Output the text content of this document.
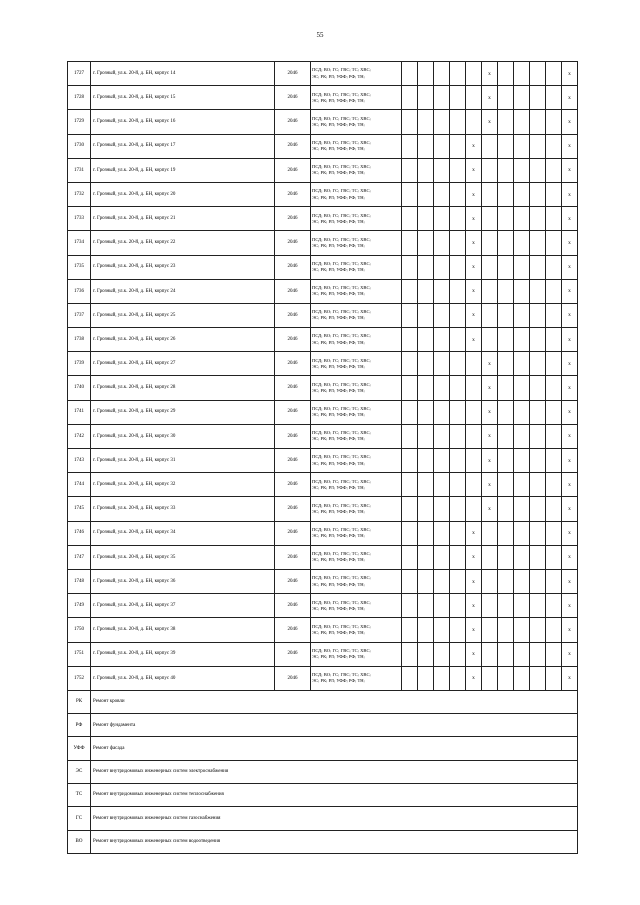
55
1727	г. Грозный, ул.к. 20-й, д. БН, корпус 14	2046	ПСД; ВО; ГС; ГВС; ТС; ХВС;
ЭС; РК; РЛ; УФФ; РФ; ТН;						x					x
1728	г. Грозный, ул.к. 20-й, д. БН, корпус 15	2046	ПСД; ВО; ГС; ГВС; ТС; ХВС;
ЭС; РК; РЛ; УФФ; РФ; ТН;						x					x
1729	г. Грозный, ул.к. 20-й, д. БН, корпус 16	2046	ПСД; ВО; ГС; ГВС; ТС; ХВС;
ЭС; РК; РЛ; УФФ; РФ; ТН;						x					x
1730	г. Грозный, ул.к. 20-й, д. БН, корпус 17	2046	ПСД; ВО; ГС; ГВС; ТС; ХВС;
ЭС; РК; РЛ; УФФ; РФ; ТН;					x						x
1731	г. Грозный, ул.к. 20-й, д. БН, корпус 19	2046	ПСД; ВО; ГС; ГВС; ТС; ХВС;
ЭС; РК; РЛ; УФФ; РФ; ТН;					x						x
1732	г. Грозный, ул.к. 20-й, д. БН, корпус 20	2046	ПСД; ВО; ГС; ГВС; ТС; ХВС;
ЭС; РК; РЛ; УФФ; РФ; ТН;					x						x
1733	г. Грозный, ул.к. 20-й, д. БН, корпус 21	2046	ПСД; ВО; ГС; ГВС; ТС; ХВС;
ЭС; РК; РЛ; УФФ; РФ; ТН;					x						x
1734	г. Грозный, ул.к. 20-й, д. БН, корпус 22	2046	ПСД; ВО; ГС; ГВС; ТС; ХВС;
ЭС; РК; РЛ; УФФ; РФ; ТН;					x						x
1735	г. Грозный, ул.к. 20-й, д. БН, корпус 23	2046	ПСД; ВО; ГС; ГВС; ТС; ХВС;
ЭС; РК; РЛ; УФФ; РФ; ТН;					x						x
1736	г. Грозный, ул.к. 20-й, д. БН, корпус 24	2046	ПСД; ВО; ГС; ГВС; ТС; ХВС;
ЭС; РК; РЛ; УФФ; РФ; ТН;					x						x
1737	г. Грозный, ул.к. 20-й, д. БН, корпус 25	2046	ПСД; ВО; ГС; ГВС; ТС; ХВС;
ЭС; РК; РЛ; УФФ; РФ; ТН;					x						x
1738	г. Грозный, ул.к. 20-й, д. БН, корпус 26	2046	ПСД; ВО; ГС; ГВС; ТС; ХВС;
ЭС; РК; РЛ; УФФ; РФ; ТН;					x						x
1739	г. Грозный, ул.к. 20-й, д. БН, корпус 27	2046	ПСД; ВО; ГС; ГВС; ТС; ХВС;
ЭС; РК; РЛ; УФФ; РФ; ТН;						x					x
1740	г. Грозный, ул.к. 20-й, д. БН, корпус 28	2046	ПСД; ВО; ГС; ГВС; ТС; ХВС;
ЭС; РК; РЛ; УФФ; РФ; ТН;						x					x
1741	г. Грозный, ул.к. 20-й, д. БН, корпус 29	2046	ПСД; ВО; ГС; ГВС; ТС; ХВС;
ЭС; РК; РЛ; УФФ; РФ; ТН;						x					x
1742	г. Грозный, ул.к. 20-й, д. БН, корпус 30	2046	ПСД; ВО; ГС; ГВС; ТС; ХВС;
ЭС; РК; РЛ; УФФ; РФ; ТН;						x					x
1743	г. Грозный, ул.к. 20-й, д. БН, корпус 31	2046	ПСД; ВО; ГС; ГВС; ТС; ХВС;
ЭС; РК; РЛ; УФФ; РФ; ТН;						x					x
1744	г. Грозный, ул.к. 20-й, д. БН, корпус 32	2046	ПСД; ВО; ГС; ГВС; ТС; ХВС;
ЭС; РК; РЛ; УФФ; РФ; ТН;						x					x
1745	г. Грозный, ул.к. 20-й, д. БН, корпус 33	2046	ПСД; ВО; ГС; ГВС; ТС; ХВС;
ЭС; РК; РЛ; УФФ; РФ; ТН;						x					x
1746	г. Грозный, ул.к. 20-й, д. БН, корпус 34	2046	ПСД; ВО; ГС; ГВС; ТС; ХВС;
ЭС; РК; РЛ; УФФ; РФ; ТН;					x						x
1747	г. Грозный, ул.к. 20-й, д. БН, корпус 35	2046	ПСД; ВО; ГС; ГВС; ТС; ХВС;
ЭС; РК; РЛ; УФФ; РФ; ТН;					x						x
1748	г. Грозный, ул.к. 20-й, д. БН, корпус 36	2046	ПСД; ВО; ГС; ГВС; ТС; ХВС;
ЭС; РК; РЛ; УФФ; РФ; ТН;					x						x
1749	г. Грозный, ул.к. 20-й, д. БН, корпус 37	2046	ПСД; ВО; ГС; ГВС; ТС; ХВС;
ЭС; РК; РЛ; УФФ; РФ; ТН;					x						x
1750	г. Грозный, ул.к. 20-й, д. БН, корпус 38	2046	ПСД; ВО; ГС; ГВС; ТС; ХВС;
ЭС; РК; РЛ; УФФ; РФ; ТН;					x						x
1751	г. Грозный, ул.к. 20-й, д. БН, корпус 39	2046	ПСД; ВО; ГС; ГВС; ТС; ХВС;
ЭС; РК; РЛ; УФФ; РФ; ТН;					x						x
1752	г. Грозный, ул.к. 20-й, д. БН, корпус 40	2046	ПСД; ВО; ГС; ГВС; ТС; ХВС;
ЭС; РК; РЛ; УФФ; РФ; ТН;					x						x
РК	Ремонт кровли													
РФ	Ремонт фундамента													
УФФ	Ремонт фасада													
ЭС	Ремонт внутридомовых инженерных систем электроснабжения													
ТС	Ремонт внутридомовых инженерных систем теплоснабжения													
ГС	Ремонт внутридомовых инженерных систем газоснабжения													
ВО	Ремонт внутридомовых инженерных систем водоотведения													
